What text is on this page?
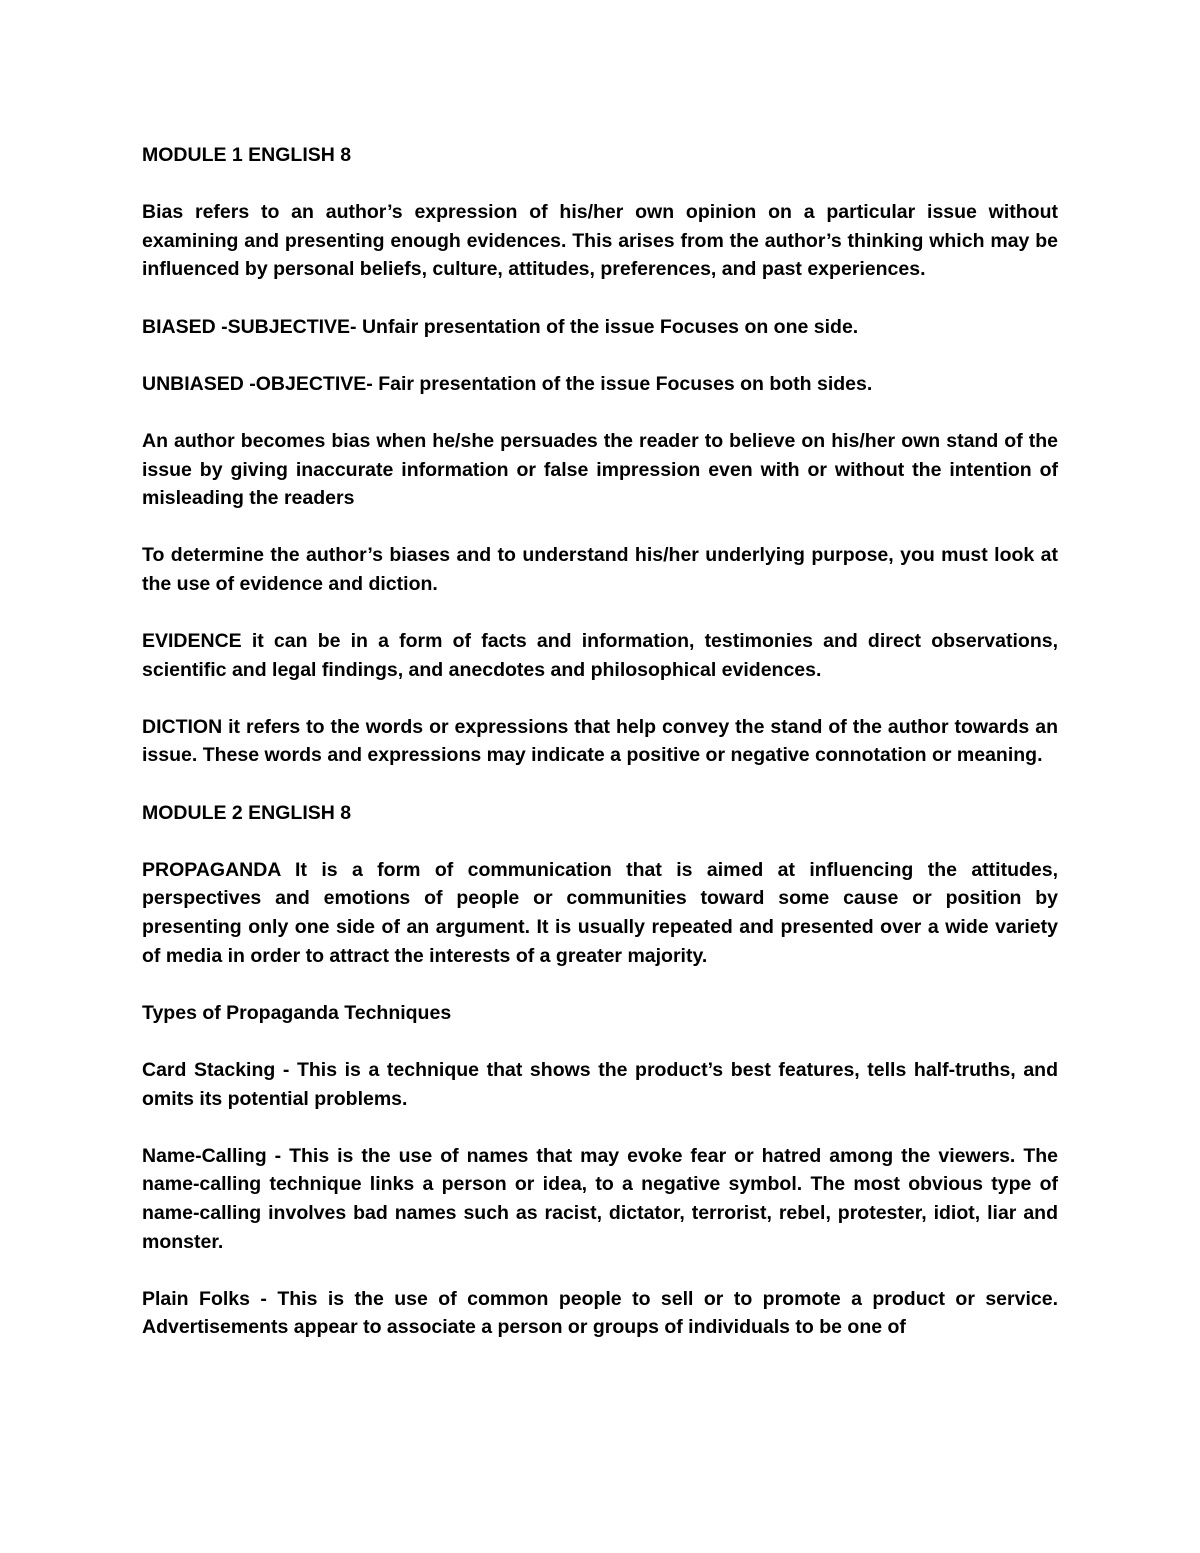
MODULE 1 ENGLISH 8

Bias refers to an author’s expression of his/her own opinion on a particular issue without examining and presenting enough evidences. This arises from the author’s thinking which may be influenced by personal beliefs, culture, attitudes, preferences, and past experiences.

BIASED -SUBJECTIVE- Unfair presentation of the issue Focuses on one side.

UNBIASED -OBJECTIVE- Fair presentation of the issue Focuses on both sides.

An author becomes bias when he/she persuades the reader to believe on his/her own stand of the issue by giving inaccurate information or false impression even with or without the intention of misleading the readers

To determine the author’s biases and to understand his/her underlying purpose, you must look at the use of evidence and diction.

EVIDENCE it can be in a form of facts and information, testimonies and direct observations, scientific and legal findings, and anecdotes and philosophical evidences.

DICTION it refers to the words or expressions that help convey the stand of the author towards an issue. These words and expressions may indicate a positive or negative connotation or meaning.

MODULE 2 ENGLISH 8

PROPAGANDA It is a form of communication that is aimed at influencing the attitudes, perspectives and emotions of people or communities toward some cause or position by presenting only one side of an argument. It is usually repeated and presented over a wide variety of media in order to attract the interests of a greater majority.

Types of Propaganda Techniques

Card Stacking - This is a technique that shows the product’s best features, tells half-truths, and omits its potential problems.

Name-Calling - This is the use of names that may evoke fear or hatred among the viewers. The name-calling technique links a person or idea, to a negative symbol. The most obvious type of name-calling involves bad names such as racist, dictator, terrorist, rebel, protester, idiot, liar and monster.

Plain Folks - This is the use of common people to sell or to promote a product or service. Advertisements appear to associate a person or groups of individuals to be one of
